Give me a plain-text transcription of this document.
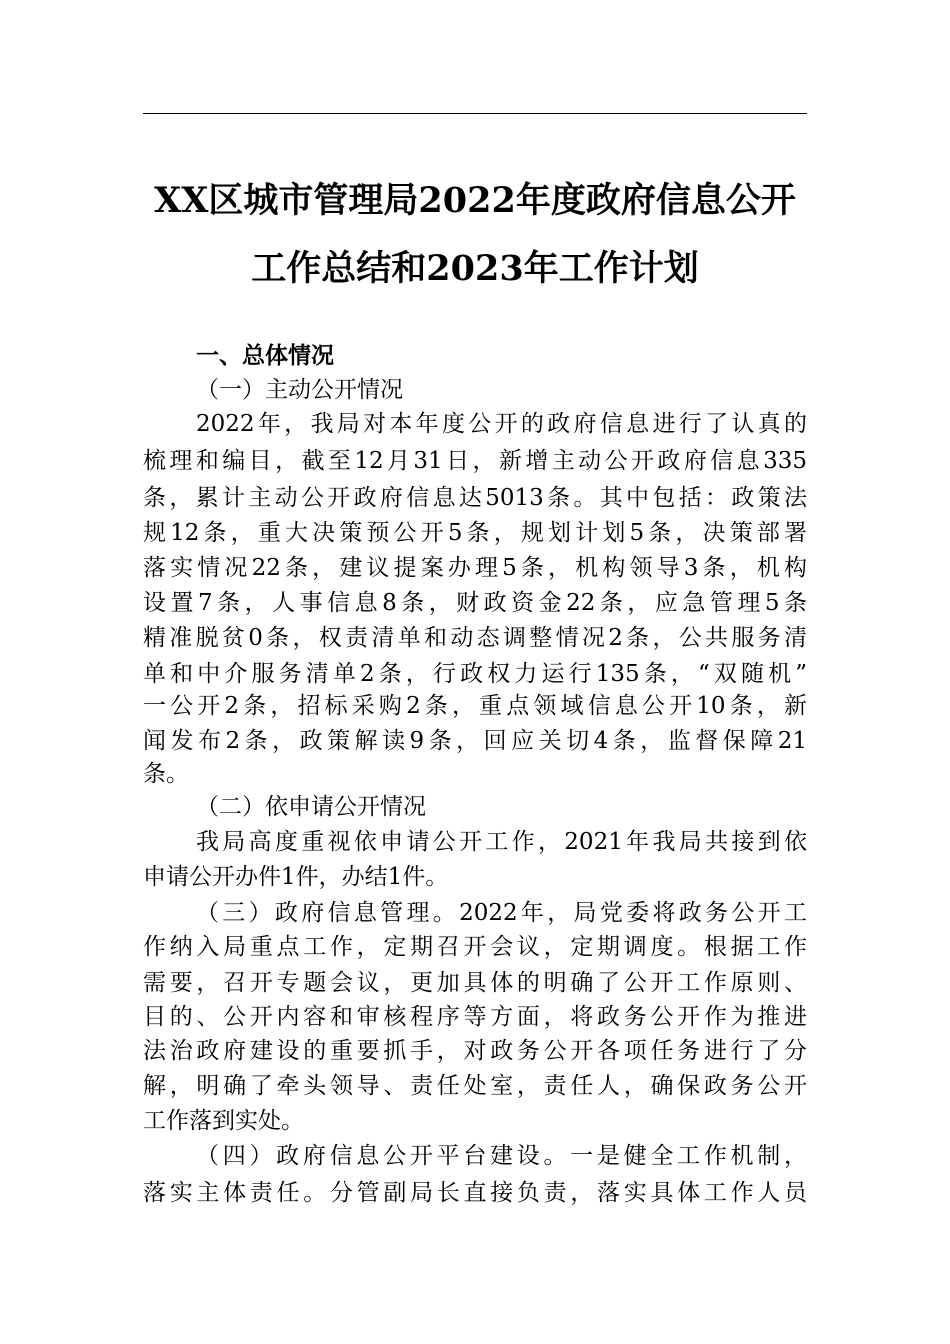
XX区城市管理局2022年度政府信息公开
工作总结和2023年工作计划
一、总体情况
（一）主动公开情况
2022年，我局对本年度公开的政府信息进行了认真的
梳理和编目，截至12月31日，新增主动公开政府信息335
条，累计主动公开政府信息达5013条。其中包括：政策法
规12条，重大决策预公开5条，规划计划5条，决策部署
落实情况22条，建议提案办理5条，机构领导3条，机构
设置7条，人事信息8条，财政资金22条，应急管理5条
精准脱贫0条，权责清单和动态调整情况2条，公共服务清
单和中介服务清单2条，行政权力运行135条，“双随机”
一公开2条，招标采购2条，重点领域信息公开10条，新
闻发布2条，政策解读9条，回应关切4条，监督保障21
条。
（二）依申请公开情况
我局高度重视依申请公开工作，2021年我局共接到依
申请公开办件1件，办结1件。
（三）政府信息管理。2022年，局党委将政务公开工
作纳入局重点工作，定期召开会议，定期调度。根据工作
需要，召开专题会议，更加具体的明确了公开工作原则、
目的、公开内容和审核程序等方面，将政务公开作为推进
法治政府建设的重要抓手，对政务公开各项任务进行了分
解，明确了牵头领导、责任处室，责任人，确保政务公开
工作落到实处。
（四）政府信息公开平台建设。一是健全工作机制，
落实主体责任。分管副局长直接负责，落实具体工作人员
